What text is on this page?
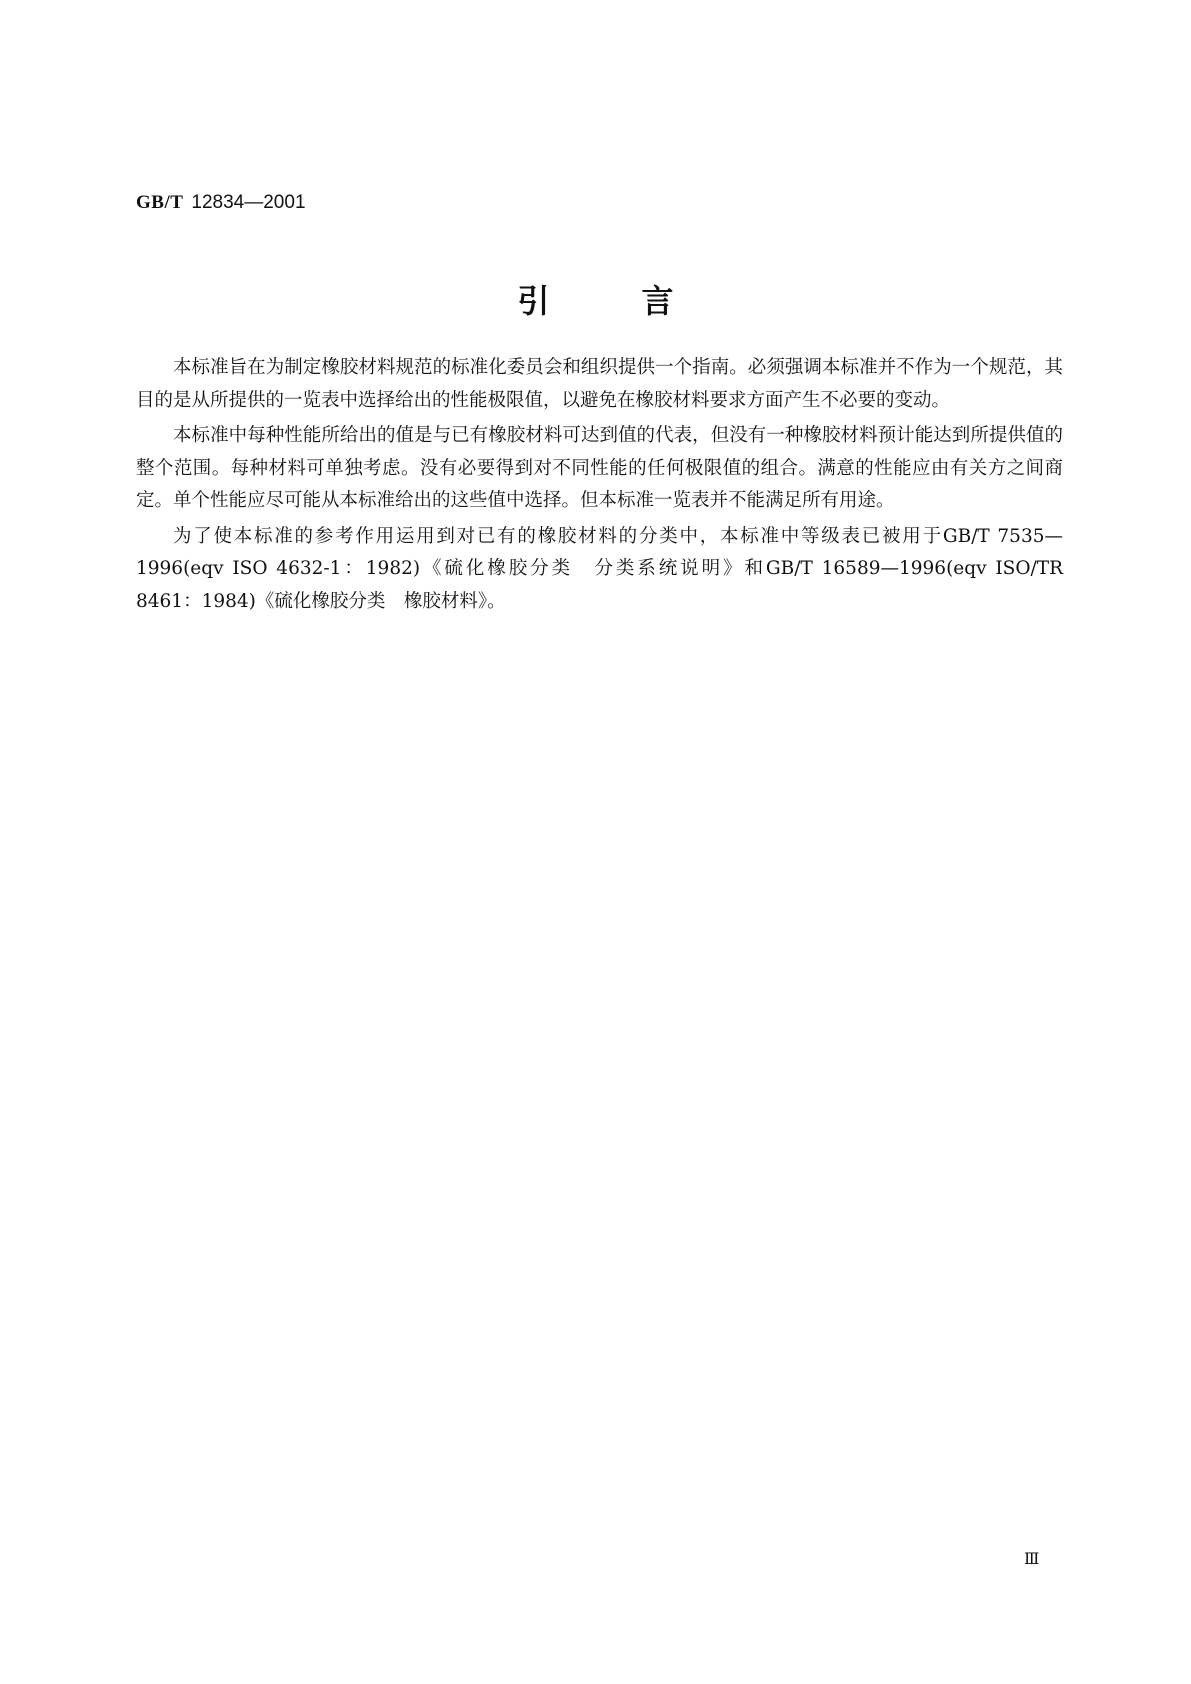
GB/T 12834—2001
引言

本标准旨在为制定橡胶材料规范的标准化委员会和组织提供一个指南。必须强调本标准并不作为一个规范，其目的是从所提供的一览表中选择给出的性能极限值，以避免在橡胶材料要求方面产生不必要的变动。

本标准中每种性能所给出的值是与已有橡胶材料可达到值的代表，但没有一种橡胶材料预计能达到所提供值的整个范围。每种材料可单独考虑。没有必要得到对不同性能的任何极限值的组合。满意的性能应由有关方之间商定。单个性能应尽可能从本标准给出的这些值中选择。但本标准一览表并不能满足所有用途。

为了使本标准的参考作用运用到对已有的橡胶材料的分类中，本标准中等级表已被用于GB/T 7535—1996(eqv ISO 4632-1：1982)《硫化橡胶分类　分类系统说明》和GB/T 16589—1996(eqv ISO/TR 8461：1984)《硫化橡胶分类　橡胶材料》。

Ⅲ
